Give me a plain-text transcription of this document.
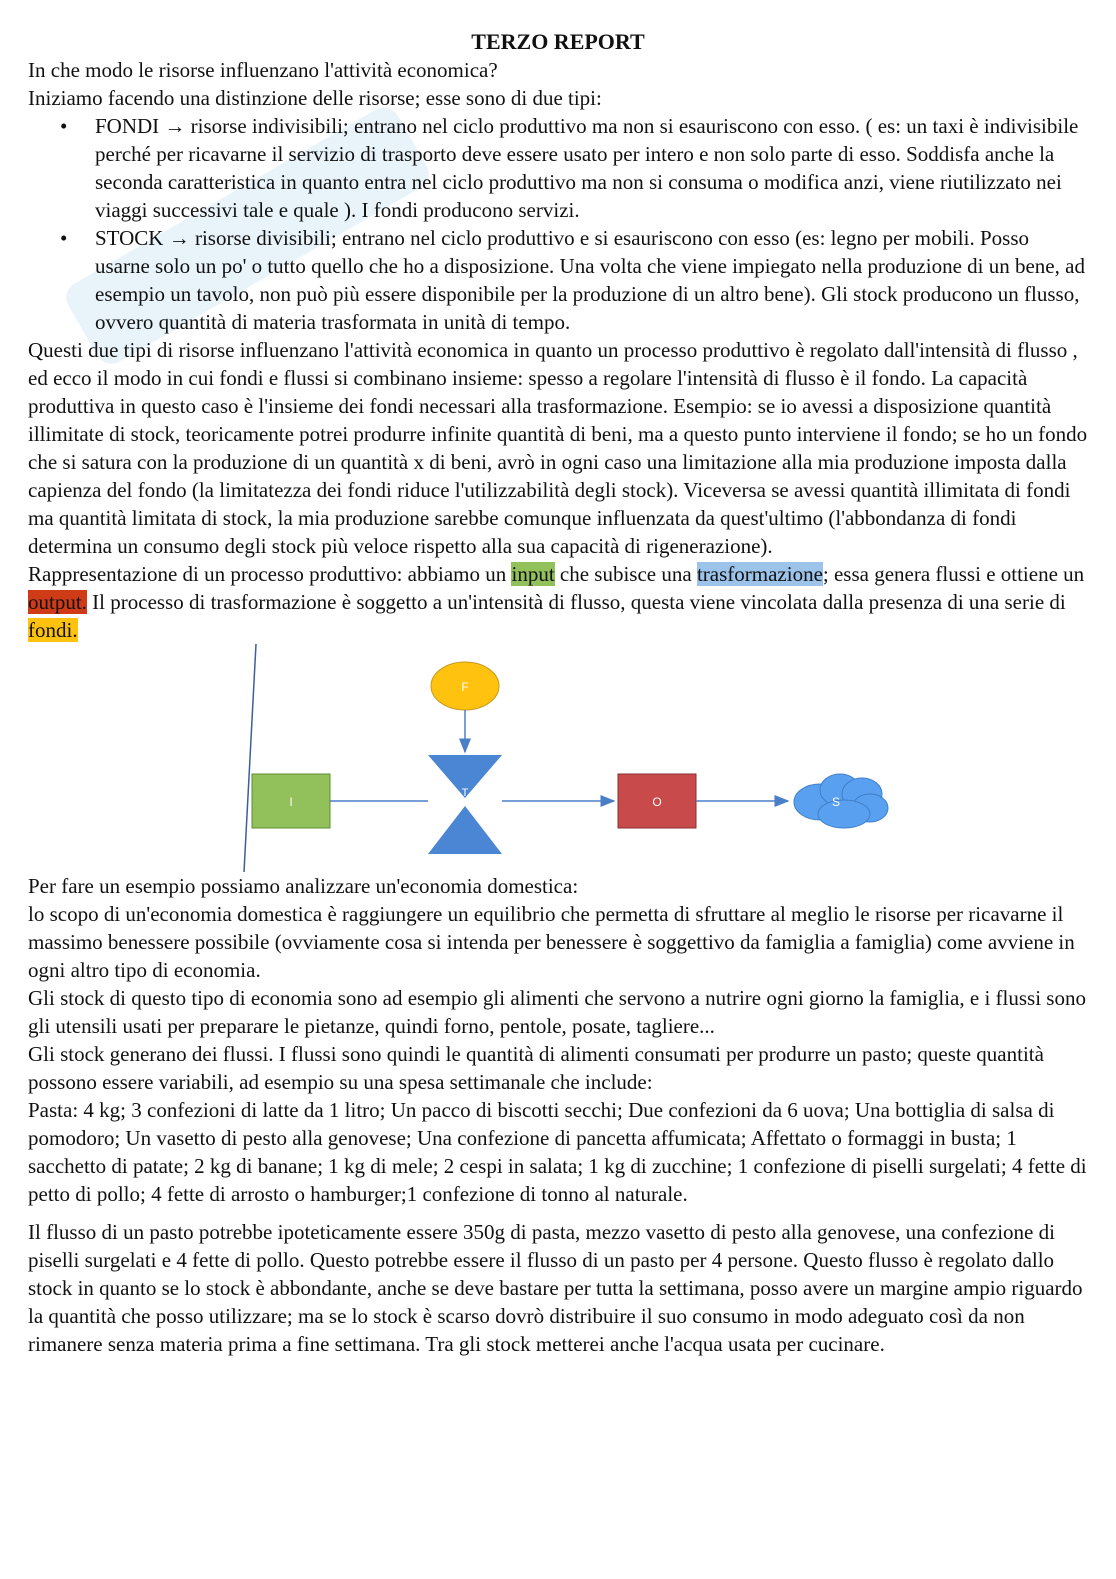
TERZO REPORT

In che modo le risorse influenzano l'attività economica?

Iniziamo facendo una distinzione delle risorse; esse sono di due tipi:

• FONDI → risorse indivisibili; entrano nel ciclo produttivo ma non si esauriscono con esso. ( es: un taxi è indivisibile perché per ricavarne il servizio di trasporto deve essere usato per intero e non solo parte di esso. Soddisfa anche la seconda caratteristica in quanto entra nel ciclo produttivo ma non si consuma o modifica anzi, viene riutilizzato nei viaggi successivi tale e quale ). I fondi producono servizi.
• STOCK → risorse divisibili; entrano nel ciclo produttivo e si esauriscono con esso (es: legno per mobili. Posso usarne solo un po' o tutto quello che ho a disposizione. Una volta che viene impiegato nella produzione di un bene, ad esempio un tavolo, non può più essere disponibile per la produzione di un altro bene). Gli stock producono un flusso, ovvero quantità di materia trasformata in unità di tempo.

Questi due tipi di risorse influenzano l'attività economica in quanto un processo produttivo è regolato dall'intensità di flusso , ed ecco il modo in cui fondi e flussi si combinano insieme: spesso a regolare l'intensità di flusso è il fondo. La capacità produttiva in questo caso è l'insieme dei fondi necessari alla trasformazione. Esempio: se io avessi a disposizione quantità illimitate di stock, teoricamente potrei produrre infinite quantità di beni, ma a questo punto interviene il fondo; se ho un fondo che si satura con la produzione di un quantità x di beni, avrò in ogni caso una limitazione alla mia produzione imposta dalla capienza del fondo (la limitatezza dei fondi riduce l'utilizzabilità degli stock). Viceversa se avessi quantità illimitata di fondi ma quantità limitata di stock, la mia produzione sarebbe comunque influenzata da quest'ultimo (l'abbondanza di fondi determina un consumo degli stock più veloce rispetto alla sua capacità di rigenerazione).

Rappresentazione di un processo produttivo: abbiamo un input che subisce una trasformazione; essa genera flussi e ottiene un output. Il processo di trasformazione è soggetto a un'intensità di flusso, questa viene vincolata dalla presenza di una serie di fondi.

F
I
T
O	S

Per fare un esempio possiamo analizzare un'economia domestica:

lo scopo di un'economia domestica è raggiungere un equilibrio che permetta di sfruttare al meglio le risorse per ricavarne il massimo benessere possibile (ovviamente cosa si intenda per benessere è soggettivo da famiglia a famiglia) come avviene in ogni altro tipo di economia.

Gli stock di questo tipo di economia sono ad esempio gli alimenti che servono a nutrire ogni giorno la famiglia, e i flussi sono gli utensili usati per preparare le pietanze, quindi forno, pentole, posate, tagliere...

Gli stock generano dei flussi. I flussi sono quindi le quantità di alimenti consumati per produrre un pasto; queste quantità possono essere variabili, ad esempio su una spesa settimanale che include:

Pasta: 4 kg; 3 confezioni di latte da 1 litro; Un pacco di biscotti secchi; Due confezioni da 6 uova; Una bottiglia di salsa di pomodoro; Un vasetto di pesto alla genovese; Una confezione di pancetta affumicata; Affettato o formaggi in busta; 1 sacchetto di patate; 2 kg di banane; 1 kg di mele; 2 cespi in salata; 1 kg di zucchine; 1 confezione di piselli surgelati; 4 fette di petto di pollo; 4 fette di arrosto o hamburger;1 confezione di tonno al naturale.

Il flusso di un pasto potrebbe ipoteticamente essere 350g di pasta, mezzo vasetto di pesto alla genovese, una confezione di piselli surgelati e 4 fette di pollo. Questo potrebbe essere il flusso di un pasto per 4 persone. Questo flusso è regolato dallo stock in quanto se lo stock è abbondante, anche se deve bastare per tutta la settimana, posso avere un margine ampio riguardo la quantità che posso utilizzare; ma se lo stock è scarso dovrò distribuire il suo consumo in modo adeguato così da non rimanere senza materia prima a fine settimana. Tra gli stock metterei anche l'acqua usata per cucinare.
